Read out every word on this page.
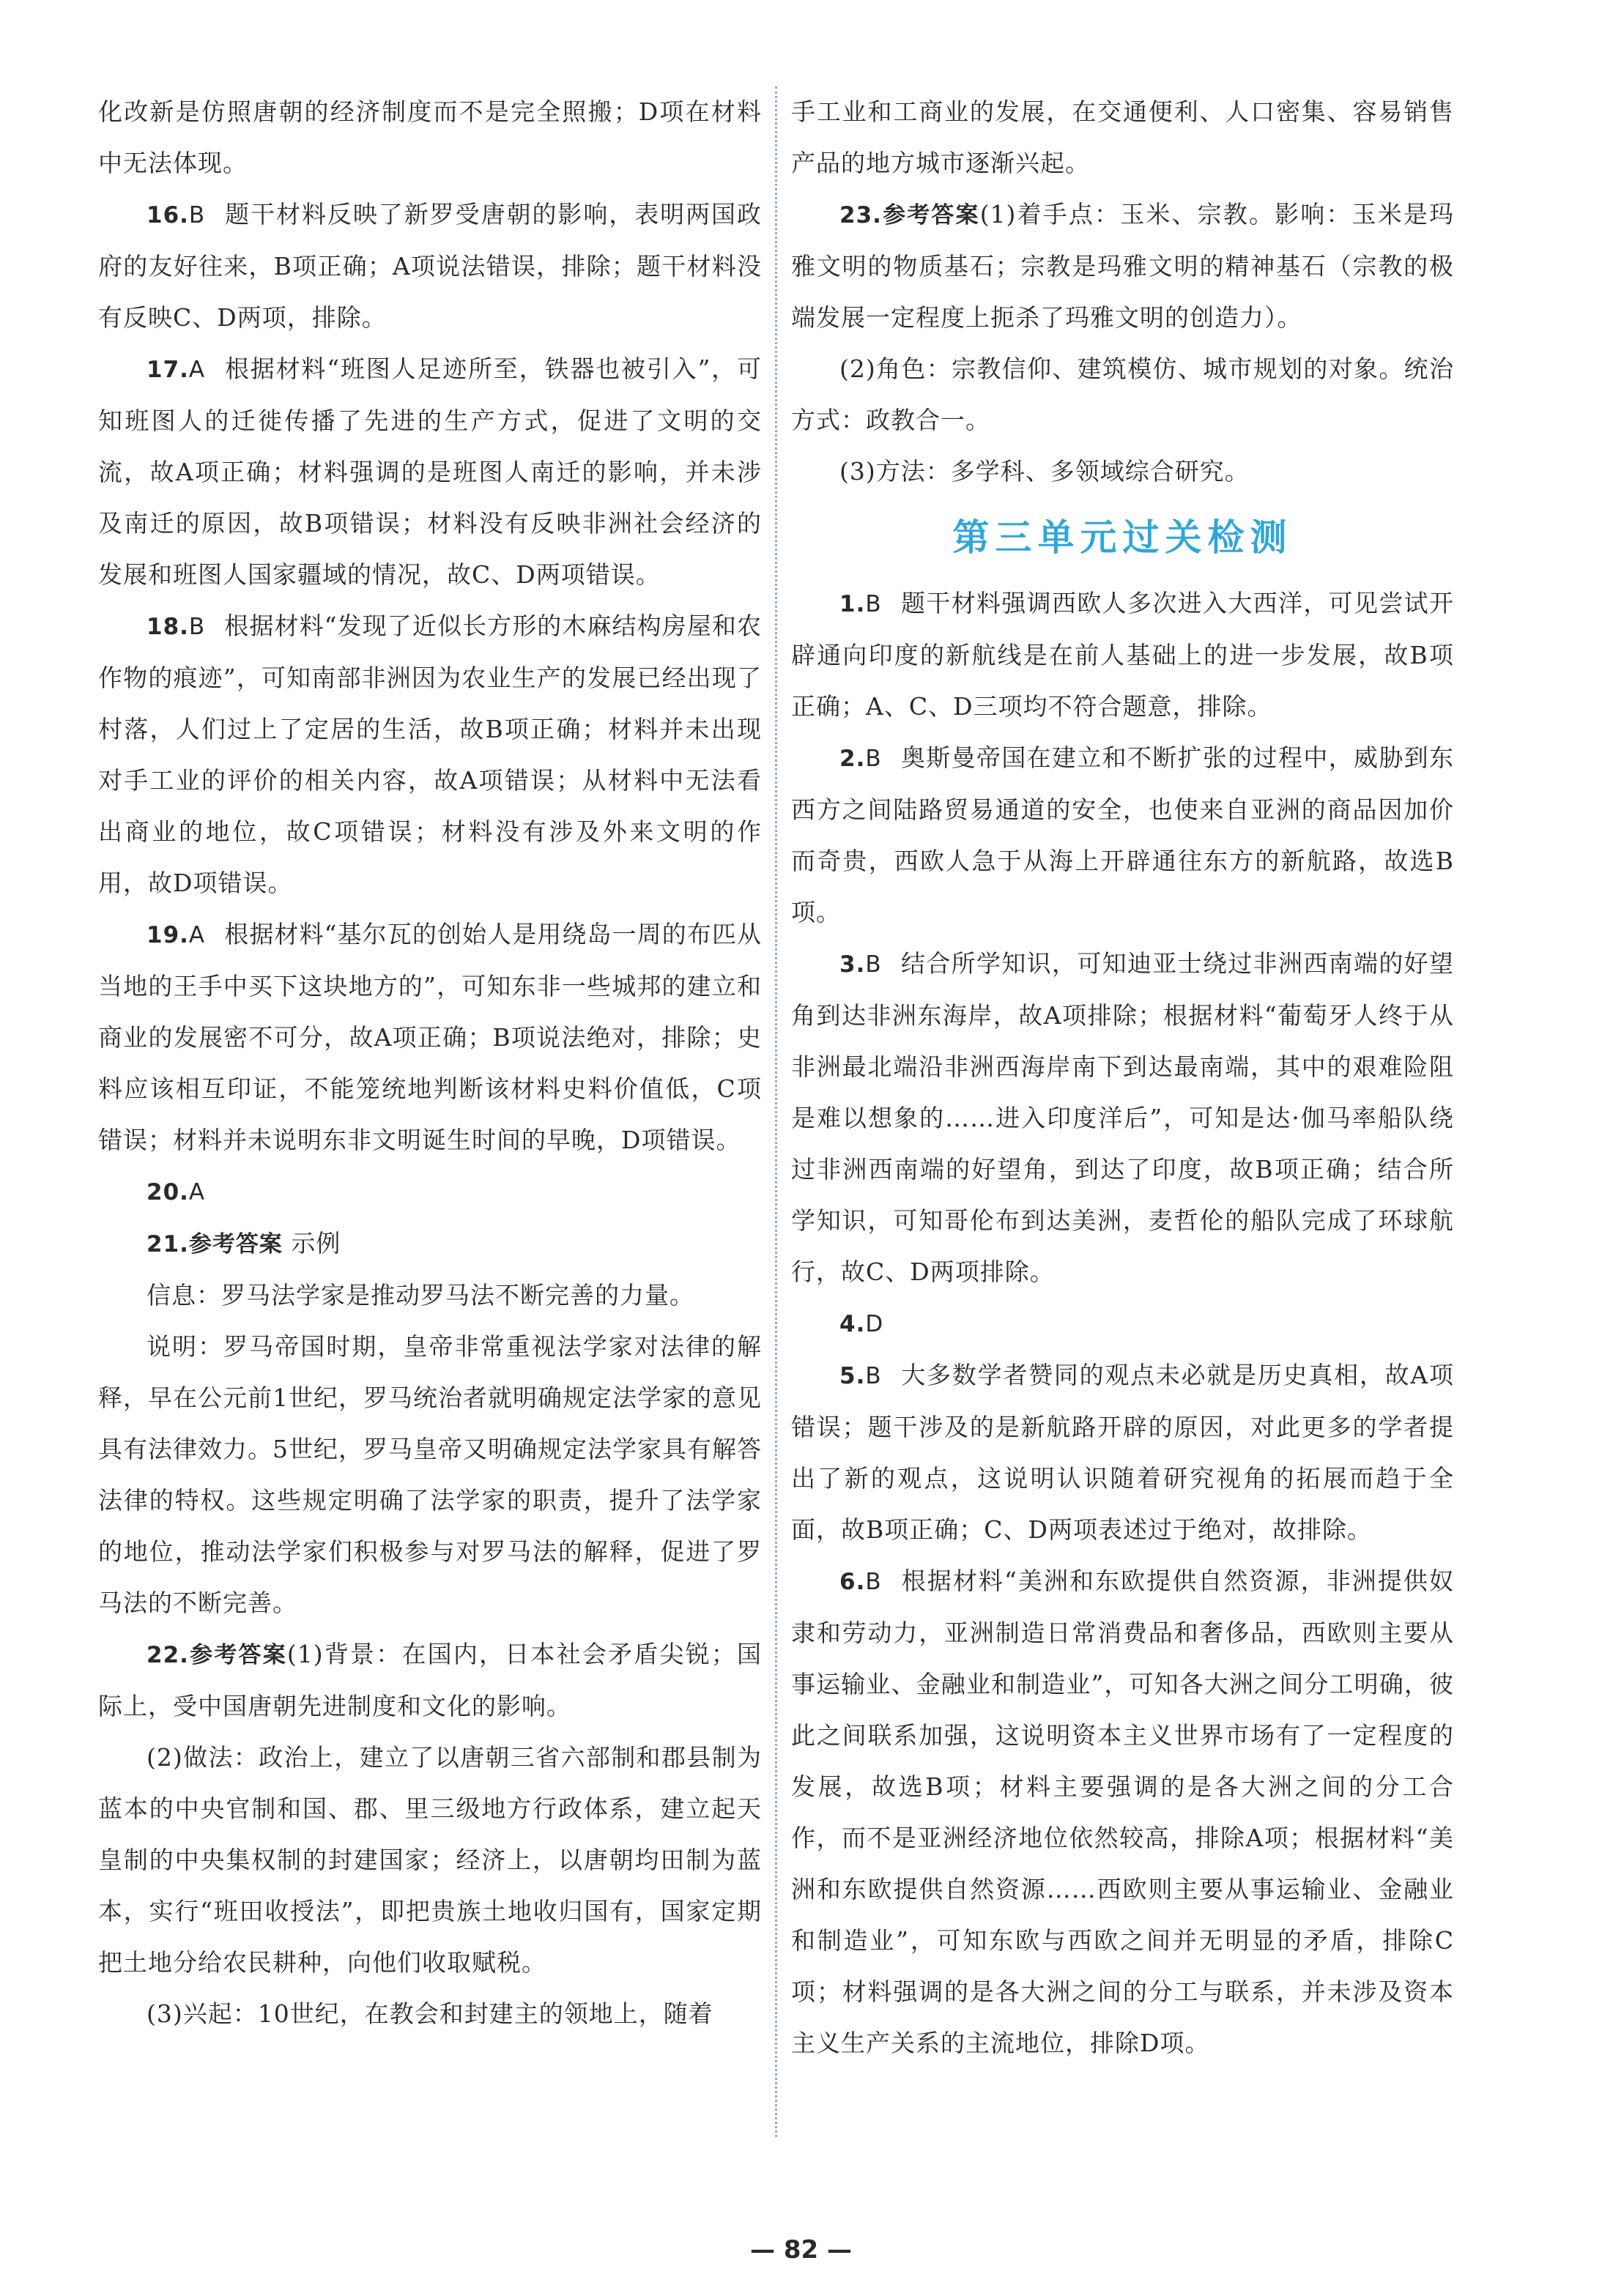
化改新是仿照唐朝的经济制度而不是完全照搬；D项在材料中无法体现。

16.B 题干材料反映了新罗受唐朝的影响，表明两国政府的友好往来，B项正确；A项说法错误，排除；题干材料没有反映C、D两项，排除。

17.A 根据材料“班图人足迹所至，铁器也被引入”，可知班图人的迁徙传播了先进的生产方式，促进了文明的交流，故A项正确；材料强调的是班图人南迁的影响，并未涉及南迁的原因，故B项错误；材料没有反映非洲社会经济的发展和班图人国家疆域的情况，故C、D两项错误。

18.B 根据材料“发现了近似长方形的木麻结构房屋和农作物的痕迹”，可知南部非洲因为农业生产的发展已经出现了村落，人们过上了定居的生活，故B项正确；材料并未出现对手工业的评价的相关内容，故A项错误；从材料中无法看出商业的地位，故C项错误；材料没有涉及外来文明的作用，故D项错误。

19.A 根据材料“基尔瓦的创始人是用绕岛一周的布匹从当地的王手中买下这块地方的”，可知东非一些城邦的建立和商业的发展密不可分，故A项正确；B项说法绝对，排除；史料应该相互印证，不能笼统地判断该材料史料价值低，C项错误；材料并未说明东非文明诞生时间的早晚，D项错误。

20.A

21.参考答案 示例

信息：罗马法学家是推动罗马法不断完善的力量。

说明：罗马帝国时期，皇帝非常重视法学家对法律的解释，早在公元前1世纪，罗马统治者就明确规定法学家的意见具有法律效力。5世纪，罗马皇帝又明确规定法学家具有解答法律的特权。这些规定明确了法学家的职责，提升了法学家的地位，推动法学家们积极参与对罗马法的解释，促进了罗马法的不断完善。

22.参考答案(1)背景：在国内，日本社会矛盾尖锐；国际上，受中国唐朝先进制度和文化的影响。

(2)做法：政治上，建立了以唐朝三省六部制和郡县制为蓝本的中央官制和国、郡、里三级地方行政体系，建立起天皇制的中央集权制的封建国家；经济上，以唐朝均田制为蓝本，实行“班田收授法”，即把贵族土地收归国有，国家定期把土地分给农民耕种，向他们收取赋税。

(3)兴起：10世纪，在教会和封建主的领地上，随着

手工业和工商业的发展，在交通便利、人口密集、容易销售产品的地方城市逐渐兴起。

23.参考答案(1)着手点：玉米、宗教。影响：玉米是玛雅文明的物质基石；宗教是玛雅文明的精神基石（宗教的极端发展一定程度上扼杀了玛雅文明的创造力）。

(2)角色：宗教信仰、建筑模仿、城市规划的对象。统治方式：政教合一。

(3)方法：多学科、多领域综合研究。

第三单元过关检测

1.B 题干材料强调西欧人多次进入大西洋，可见尝试开辟通向印度的新航线是在前人基础上的进一步发展，故B项正确；A、C、D三项均不符合题意，排除。

2.B 奥斯曼帝国在建立和不断扩张的过程中，威胁到东西方之间陆路贸易通道的安全，也使来自亚洲的商品因加价而奇贵，西欧人急于从海上开辟通往东方的新航路，故选B项。

3.B 结合所学知识，可知迪亚士绕过非洲西南端的好望角到达非洲东海岸，故A项排除；根据材料“葡萄牙人终于从非洲最北端沿非洲西海岸南下到达最南端，其中的艰难险阻是难以想象的……进入印度洋后”，可知是达·伽马率船队绕过非洲西南端的好望角，到达了印度，故B项正确；结合所学知识，可知哥伦布到达美洲，麦哲伦的船队完成了环球航行，故C、D两项排除。

4.D

5.B 大多数学者赞同的观点未必就是历史真相，故A项错误；题干涉及的是新航路开辟的原因，对此更多的学者提出了新的观点，这说明认识随着研究视角的拓展而趋于全面，故B项正确；C、D两项表述过于绝对，故排除。

6.B 根据材料“美洲和东欧提供自然资源，非洲提供奴隶和劳动力，亚洲制造日常消费品和奢侈品，西欧则主要从事运输业、金融业和制造业”，可知各大洲之间分工明确，彼此之间联系加强，这说明资本主义世界市场有了一定程度的发展，故选B项；材料主要强调的是各大洲之间的分工合作，而不是亚洲经济地位依然较高，排除A项；根据材料“美洲和东欧提供自然资源……西欧则主要从事运输业、金融业和制造业”，可知东欧与西欧之间并无明显的矛盾，排除C项；材料强调的是各大洲之间的分工与联系，并未涉及资本主义生产关系的主流地位，排除D项。

— 82 —
